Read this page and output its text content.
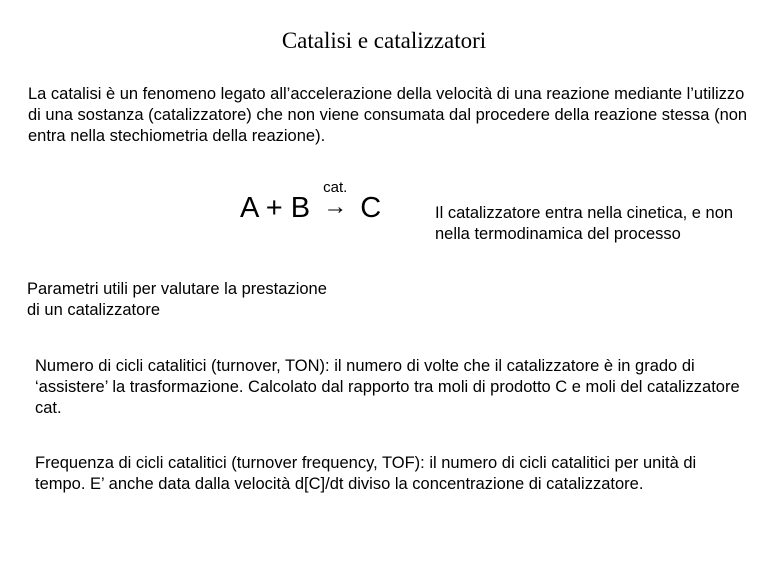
Catalisi e catalizzatori

La catalisi è un fenomeno legato all’accelerazione della velocità di una reazione mediante l’utilizzo di una sostanza (catalizzatore) che non viene consumata dal procedere della reazione stessa (non entra nella stechiometria della reazione).

A + B
cat.
→ C	Il catalizzatore entra nella cinetica, e non nella termodinamica del processo

Parametri utili per valutare la prestazione di un catalizzatore

Numero di cicli catalitici (turnover, TON): il numero di volte che il catalizzatore è in grado di ‘assistere’ la trasformazione. Calcolato dal rapporto tra moli di prodotto C e moli del catalizzatore cat.

Frequenza di cicli catalitici (turnover frequency, TOF): il numero di cicli catalitici per unità di tempo. E’ anche data dalla velocità d[C]/dt diviso la concentrazione di catalizzatore.
